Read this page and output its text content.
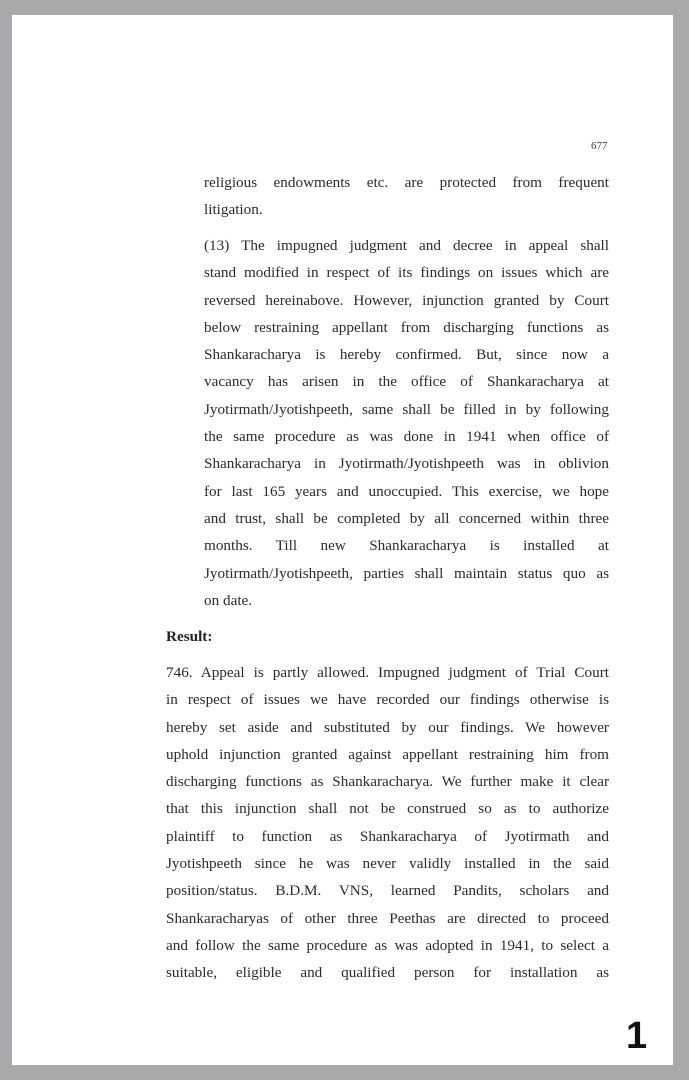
677

religious endowments etc. are protected from frequent

litigation.

(13) The impugned judgment and decree in appeal shall

stand modified in respect of its findings on issues which are

reversed hereinabove. However, injunction granted by Court

below restraining appellant from discharging functions as

Shankaracharya is hereby confirmed. But, since now a

vacancy has arisen in the office of Shankaracharya at

Jyotirmath/Jyotishpeeth, same shall be filled in by following

the same procedure as was done in 1941 when office of

Shankaracharya in Jyotirmath/Jyotishpeeth was in oblivion

for last 165 years and unoccupied. This exercise, we hope

and trust, shall be completed by all concerned within three

months. Till new Shankaracharya is installed at

Jyotirmath/Jyotishpeeth, parties shall maintain status quo as

on date.

Result:

746. Appeal is partly allowed. Impugned judgment of Trial Court

in respect of issues we have recorded our findings otherwise is

hereby set aside and substituted by our findings. We however

uphold injunction granted against appellant restraining him from

discharging functions as Shankaracharya. We further make it clear

that this injunction shall not be construed so as to authorize

plaintiff to function as Shankaracharya of Jyotirmath and

Jyotishpeeth since he was never validly installed in the said

position/status. B.D.M. VNS, learned Pandits, scholars and

Shankaracharyas of other three Peethas are directed to proceed

and follow the same procedure as was adopted in 1941, to select a

suitable, eligible and qualified person for installation as

1
